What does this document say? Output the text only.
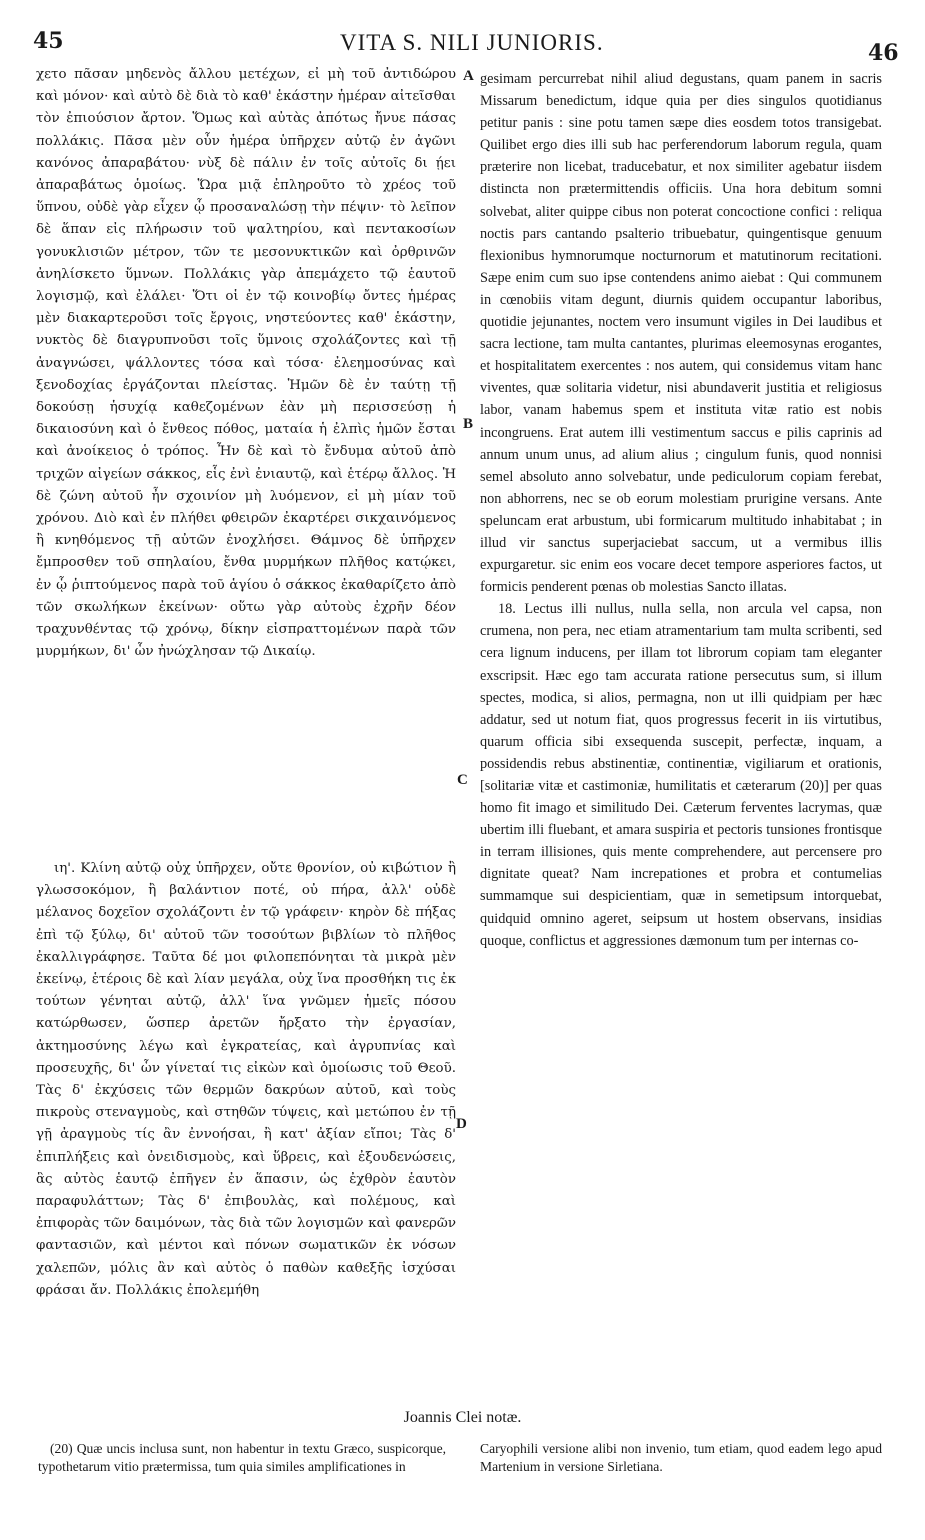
45	VITA S. NILI JUNIORIS.	46

χετο πᾶσαν μηδενὸς ἄλλου μετέχων, εἰ μὴ τοῦ ἀντιδώρου καὶ μόνον· καὶ αὐτὸ δὲ διὰ τὸ καθ' ἑκάστην ἡμέραν αἰτεῖσθαι τὸν ἐπιούσιον ἄρτον. Ὅμως καὶ αὐτὰς ἀπότως ἤνυε πάσας πολλάκις. Πᾶσα μὲν οὖν ἡμέρα ὑπῆρχεν αὐτῷ ἐν ἀγῶνι κανόνος ἀπαραβάτου· νὺξ δὲ πάλιν ἐν τοῖς αὐτοῖς δι ῄει ἀπαραβάτως ὁμοίως. Ὥρα μιᾷ ἐπληροῦτο τὸ χρέος τοῦ ὕπνου, οὐδὲ γὰρ εἶχεν ᾧ προσαναλώσῃ τὴν πέψιν· τὸ λεῖπον δὲ ἅπαν εἰς πλήρωσιν τοῦ ψαλτηρίου, καὶ πεντακοσίων γονυκλισιῶν μέτρον, τῶν τε μεσονυκτικῶν καὶ ὀρθρινῶν ἀνηλίσκετο ὕμνων. Πολλάκις γὰρ ἀπεμάχετο τῷ ἑαυτοῦ λογισμῷ, καὶ ἐλάλει· Ὅτι οἱ ἐν τῷ κοινοβίῳ ὄντες ἡμέρας μὲν διακαρτεροῦσι τοῖς ἔργοις, νηστεύοντες καθ' ἑκάστην, νυκτὸς δὲ διαγρυπνοῦσι τοῖς ὕμνοις σχολάζοντες καὶ τῇ ἀναγνώσει, ψάλλοντες τόσα καὶ τόσα· ἐλεημοσύνας καὶ ξενοδοχίας ἐργάζονται πλείστας. Ἡμῶν δὲ ἐν ταύτῃ τῇ δοκούσῃ ἡσυχίᾳ καθεζομένων ἐὰν μὴ περισσεύσῃ ἡ δικαιοσύνη καὶ ὁ ἔνθεος πόθος, ματαία ἡ ἐλπὶς ἡμῶν ἔσται καὶ ἀνοίκειος ὁ τρόπος. Ἦν δὲ καὶ τὸ ἔνδυμα αὐτοῦ ἀπὸ τριχῶν αἰγείων σάκκος, εἷς ἐνὶ ἐνιαυτῷ, καὶ ἑτέρῳ ἄλλος. Ἡ δὲ ζώνη αὐτοῦ ἦν σχοινίον μὴ λυόμενον, εἰ μὴ μίαν τοῦ χρόνου. Διὸ καὶ ἐν πλήθει φθειρῶν ἐκαρτέρει σικχαινόμενος ἢ κνηθόμενος τῇ αὐτῶν ἐνοχλήσει. Θάμνος δὲ ὑπῆρχεν ἔμπροσθεν τοῦ σπηλαίου, ἔνθα μυρμήκων πλῆθος κατῴκει, ἐν ᾧ ῥιπτούμενος παρὰ τοῦ ἁγίου ὁ σάκκος ἐκαθαρίζετο ἀπὸ τῶν σκωλήκων ἐκείνων· οὕτω γὰρ αὐτοὺς ἐχρῆν δέον τραχυνθέντας τῷ χρόνῳ, δίκην εἰσπραττομένων παρὰ τῶν μυρμήκων, δι' ὧν ἠνώχλησαν τῷ Δικαίῳ.

ιη'. Κλίνη αὐτῷ οὐχ ὑπῆρχεν, οὔτε θρονίον, οὐ κιβώτιον ἢ γλωσσοκόμον, ἢ βαλάντιον ποτέ, οὐ πήρα, ἀλλ' οὐδὲ μέλανος δοχεῖον σχολάζοντι ἐν τῷ γράφειν· κηρὸν δὲ πήξας ἐπὶ τῷ ξύλῳ, δι' αὐτοῦ τῶν τοσούτων βιβλίων τὸ πλῆθος ἐκαλλιγράφησε. Ταῦτα δέ μοι φιλοπεπόνηται τὰ μικρὰ μὲν ἐκείνῳ, ἑτέροις δὲ καὶ λίαν μεγάλα, οὐχ ἵνα προσθήκη τις ἐκ τούτων γένηται αὐτῷ, ἀλλ' ἵνα γνῶμεν ἡμεῖς πόσου κατώρθωσεν, ὥσπερ ἀρετῶν ἤρξατο τὴν ἐργασίαν, ἀκτημοσύνης λέγω καὶ ἐγκρατείας, καὶ ἀγρυπνίας καὶ προσευχῆς, δι' ὧν γίνεταί τις εἰκὼν καὶ ὁμοίωσις τοῦ Θεοῦ. Τὰς δ' ἐκχύσεις τῶν θερμῶν δακρύων αὐτοῦ, καὶ τοὺς πικροὺς στεναγμοὺς, καὶ στηθῶν τύψεις, καὶ μετώπου ἐν τῇ γῇ ἀραγμοὺς τίς ἂν ἐννοήσαι, ἢ κατ' ἀξίαν εἴποι; Τὰς δ' ἐπιπλήξεις καὶ ὀνειδισμοὺς, καὶ ὕβρεις, καὶ ἐξουδενώσεις, ἃς αὐτὸς ἑαυτῷ ἐπῆγεν ἐν ἅπασιν, ὡς ἐχθρὸν ἑαυτὸν παραφυλάττων; Τὰς δ' ἐπιβουλὰς, καὶ πολέμους, καὶ ἐπιφορὰς τῶν δαιμόνων, τὰς διὰ τῶν λογισμῶν καὶ φανερῶν φαντασιῶν, καὶ μέντοι καὶ πόνων σωματικῶν ἐκ νόσων χαλεπῶν, μόλις ἂν καὶ αὐτὸς ὁ παθὼν καθεξῆς ἰσχύσαι φράσαι ἄν. Πολλάκις ἐπολεμήθη

A
B
C
D

gesimam percurrebat nihil aliud degustans, quam panem in sacris Missarum benedictum, idque quia per dies singulos quotidianus petitur panis : sine potu tamen sæpe dies eosdem totos transigebat. Quilibet ergo dies illi sub hac perferendorum laborum regula, quam præterire non licebat, traducebatur, et nox similiter agebatur iisdem distincta non prætermittendis officiis. Una hora debitum somni solvebat, aliter quippe cibus non poterat concoctione confici : reliqua noctis pars cantando psalterio tribuebatur, quingentisque genuum flexionibus hymnorumque nocturnorum et matutinorum recitationi. Sæpe enim cum suo ipse contendens animo aiebat : Qui communem in cœnobiis vitam degunt, diurnis quidem occupantur laboribus, quotidie jejunantes, noctem vero insumunt vigiles in Dei laudibus et sacra lectione, tam multa cantantes, plurimas eleemosynas erogantes, et hospitalitatem exercentes : nos autem, qui considemus vitam hanc viventes, quæ solitaria videtur, nisi abundaverit justitia et religiosus labor, vanam habemus spem et instituta vitæ ratio est nobis incongruens. Erat autem illi vestimentum saccus e pilis caprinis ad annum unum unus, ad alium alius ; cingulum funis, quod nonnisi semel absoluto anno solvebatur, unde pediculorum copiam ferebat, non abhorrens, nec se ob eorum molestiam prurigine versans. Ante speluncam erat arbustum, ubi formicarum multitudo inhabitabat ; in illud vir sanctus superjaciebat saccum, ut a vermibus illis expurgaretur. sic enim eos vocare decet tempore asperiores factos, ut formicis penderent pœnas ob molestias Sancto illatas.

18. Lectus illi nullus, nulla sella, non arcula vel capsa, non crumena, non pera, nec etiam atramentarium tam multa scribenti, sed cera lignum inducens, per illam tot librorum copiam tam eleganter exscripsit. Hæc ego tam accurata ratione persecutus sum, si illum spectes, modica, si alios, permagna, non ut illi quidpiam per hæc addatur, sed ut notum fiat, quos progressus fecerit in iis virtutibus, quarum officia sibi exsequenda suscepit, perfectæ, inquam, a possidendis rebus abstinentiæ, continentiæ, vigiliarum et orationis, [solitariæ vitæ et castimoniæ, humilitatis et cæterarum (20)] per quas homo fit imago et similitudo Dei. Cæterum ferventes lacrymas, quæ ubertim illi fluebant, et amara suspiria et pectoris tunsiones frontisque in terram illisiones, quis mente comprehendere, aut percensere pro dignitate queat? Nam increpationes et probra et contumelias summamque sui despicientiam, quæ in semetipsum intorquebat, quidquid omnino ageret, seipsum ut hostem observans, insidias quoque, conflictus et aggressiones dæmonum tum per internas co-

Joannis Clei notæ.
(20) Quæ uncis inclusa sunt, non habentur in textu Græco, suspicorque, typothetarum vitio prætermissa, tum quia similes amplificationes in
Caryophili versione alibi non invenio, tum etiam, quod eadem lego apud Martenium in versione Sirletiana.
